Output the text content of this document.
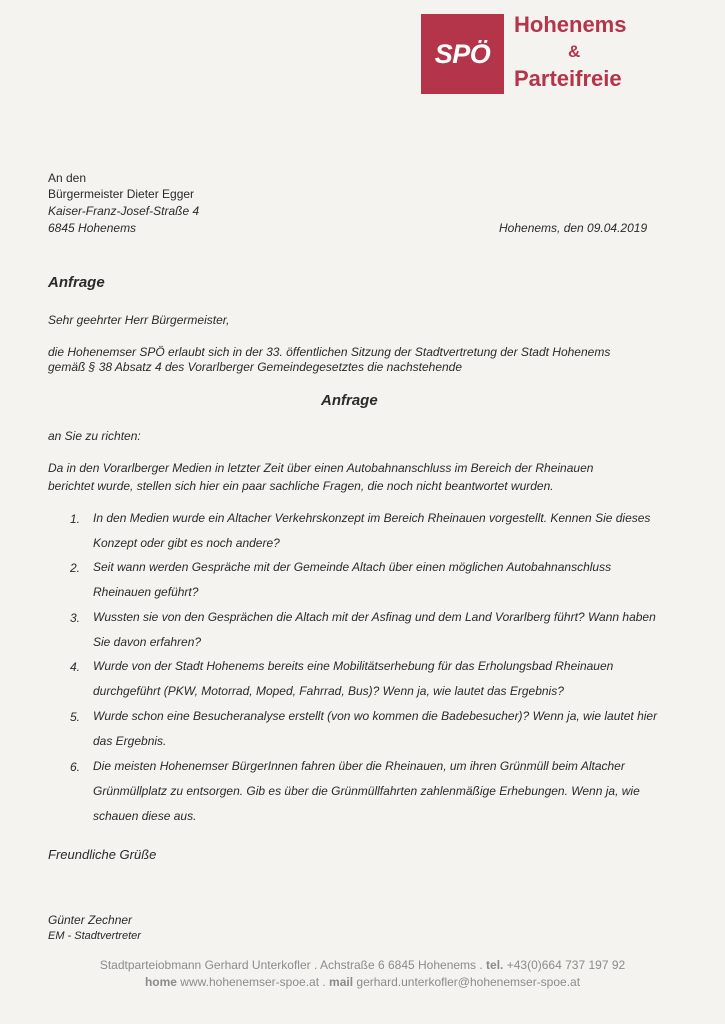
SPÖ
Hohenems
&
Parteifreie
An den
Bürgermeister Dieter Egger
Kaiser-Franz-Josef-Straße 4
6845 Hohenems	Hohenems, den 09.04.2019
Anfrage
Sehr geehrter Herr Bürgermeister,
die Hohenemser SPÖ erlaubt sich in der 33. öffentlichen Sitzung der Stadtvertretung der Stadt Hohenems
gemäß § 38 Absatz 4 des Vorarlberger Gemeindegesetztes die nachstehende
Anfrage
an Sie zu richten:
Da in den Vorarlberger Medien in letzter Zeit über einen Autobahnanschluss im Bereich der Rheinauen
berichtet wurde, stellen sich hier ein paar sachliche Fragen, die noch nicht beantwortet wurden.
1. In den Medien wurde ein Altacher Verkehrskonzept im Bereich Rheinauen vorgestellt. Kennen Sie dieses Konzept oder gibt es noch andere?
2. Seit wann werden Gespräche mit der Gemeinde Altach über einen möglichen Autobahnanschluss Rheinauen geführt?
3. Wussten sie von den Gesprächen die Altach mit der Asfinag und dem Land Vorarlberg führt? Wann haben Sie davon erfahren?
4. Wurde von der Stadt Hohenems bereits eine Mobilitätserhebung für das Erholungsbad Rheinauen durchgeführt (PKW, Motorrad, Moped, Fahrrad, Bus)? Wenn ja, wie lautet das Ergebnis?
5. Wurde schon eine Besucheranalyse erstellt (von wo kommen die Badebesucher)? Wenn ja, wie lautet hier das Ergebnis.
6. Die meisten Hohenemser BürgerInnen fahren über die Rheinauen, um ihren Grünmüll beim Altacher Grünmüllplatz zu entsorgen. Gib es über die Grünmüllfahrten zahlenmäßige Erhebungen. Wenn ja, wie schauen diese aus.
Freundliche Grüße
Günter Zechner
EM - Stadtvertreter
Stadtparteiobmann Gerhard Unterkofler . Achstraße 6 6845 Hohenems . tel. +43(0)664 737 197 92
home www.hohenemser-spoe.at . mail gerhard.unterkofler@hohenemser-spoe.at
